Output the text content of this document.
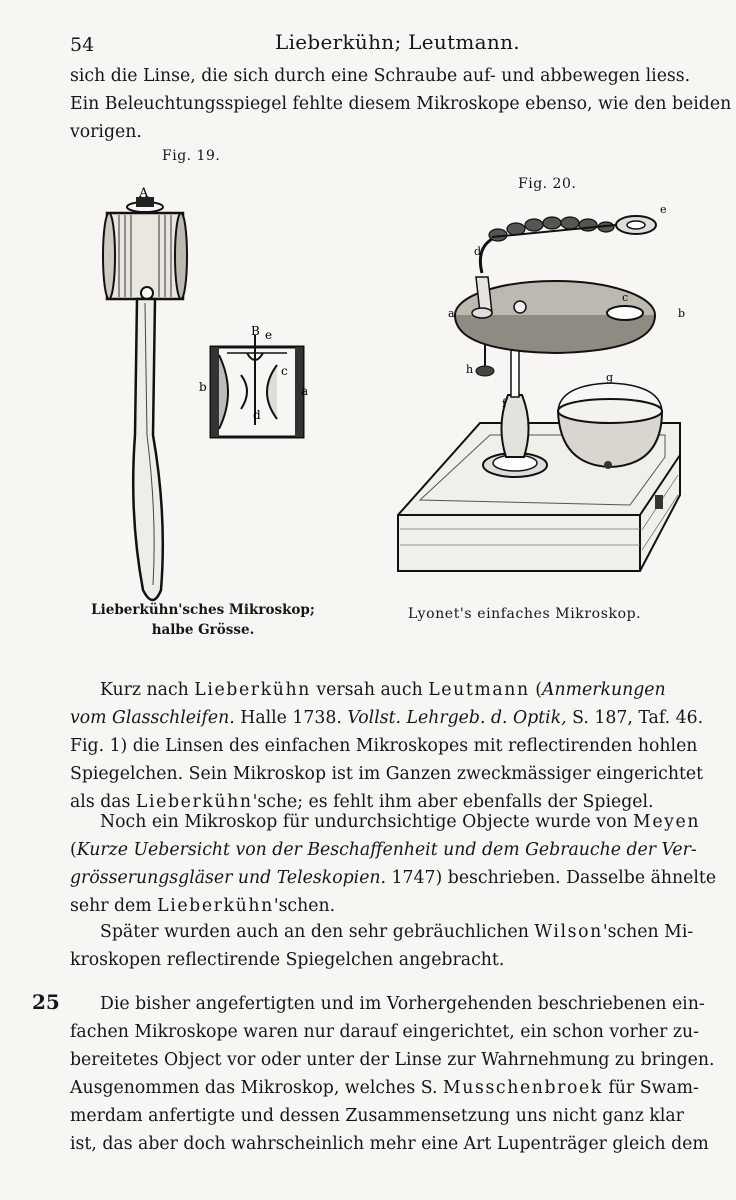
54	Lieberkühn; Leutmann.

sich die Linse, die sich durch eine Schraube auf- und abbewegen liess.
Ein Beleuchtungsspiegel fehlte diesem Mikroskope ebenso, wie den beiden
vorigen.

Fig. 19.
Fig. 20.
A
B e
b
c
a
d
e
d
a
c
b
h
g
f
Lieberkühn'sches Mikroskop;
halbe Grösse.
Lyonet's einfaches Mikroskop.

Kurz nach Lieberkühn versah auch Leutmann (Anmerkungen
vom Glasschleifen. Halle 1738. Vollst. Lehrgeb. d. Optik, S. 187, Taf. 46.
Fig. 1) die Linsen des einfachen Mikroskopes mit reflectirenden hohlen
Spiegelchen. Sein Mikroskop ist im Ganzen zweckmässiger eingerichtet
als das Lieberkühn'sche; es fehlt ihm aber ebenfalls der Spiegel.

Noch ein Mikroskop für undurchsichtige Objecte wurde von Meyen
(Kurze Uebersicht von der Beschaffenheit und dem Gebrauche der Ver-
grösserungsgläser und Teleskopien. 1747) beschrieben. Dasselbe ähnelte
sehr dem Lieberkühn'schen.

Später wurden auch an den sehr gebräuchlichen Wilson'schen Mi-
kroskopen reflectirende Spiegelchen angebracht.

25	Die bisher angefertigten und im Vorhergehenden beschriebenen ein-
fachen Mikroskope waren nur darauf eingerichtet, ein schon vorher zu-
bereitetes Object vor oder unter der Linse zur Wahrnehmung zu bringen.
Ausgenommen das Mikroskop, welches S. Musschenbroek für Swam-
merdam anfertigte und dessen Zusammensetzung uns nicht ganz klar
ist, das aber doch wahrscheinlich mehr eine Art Lupenträger gleich dem
